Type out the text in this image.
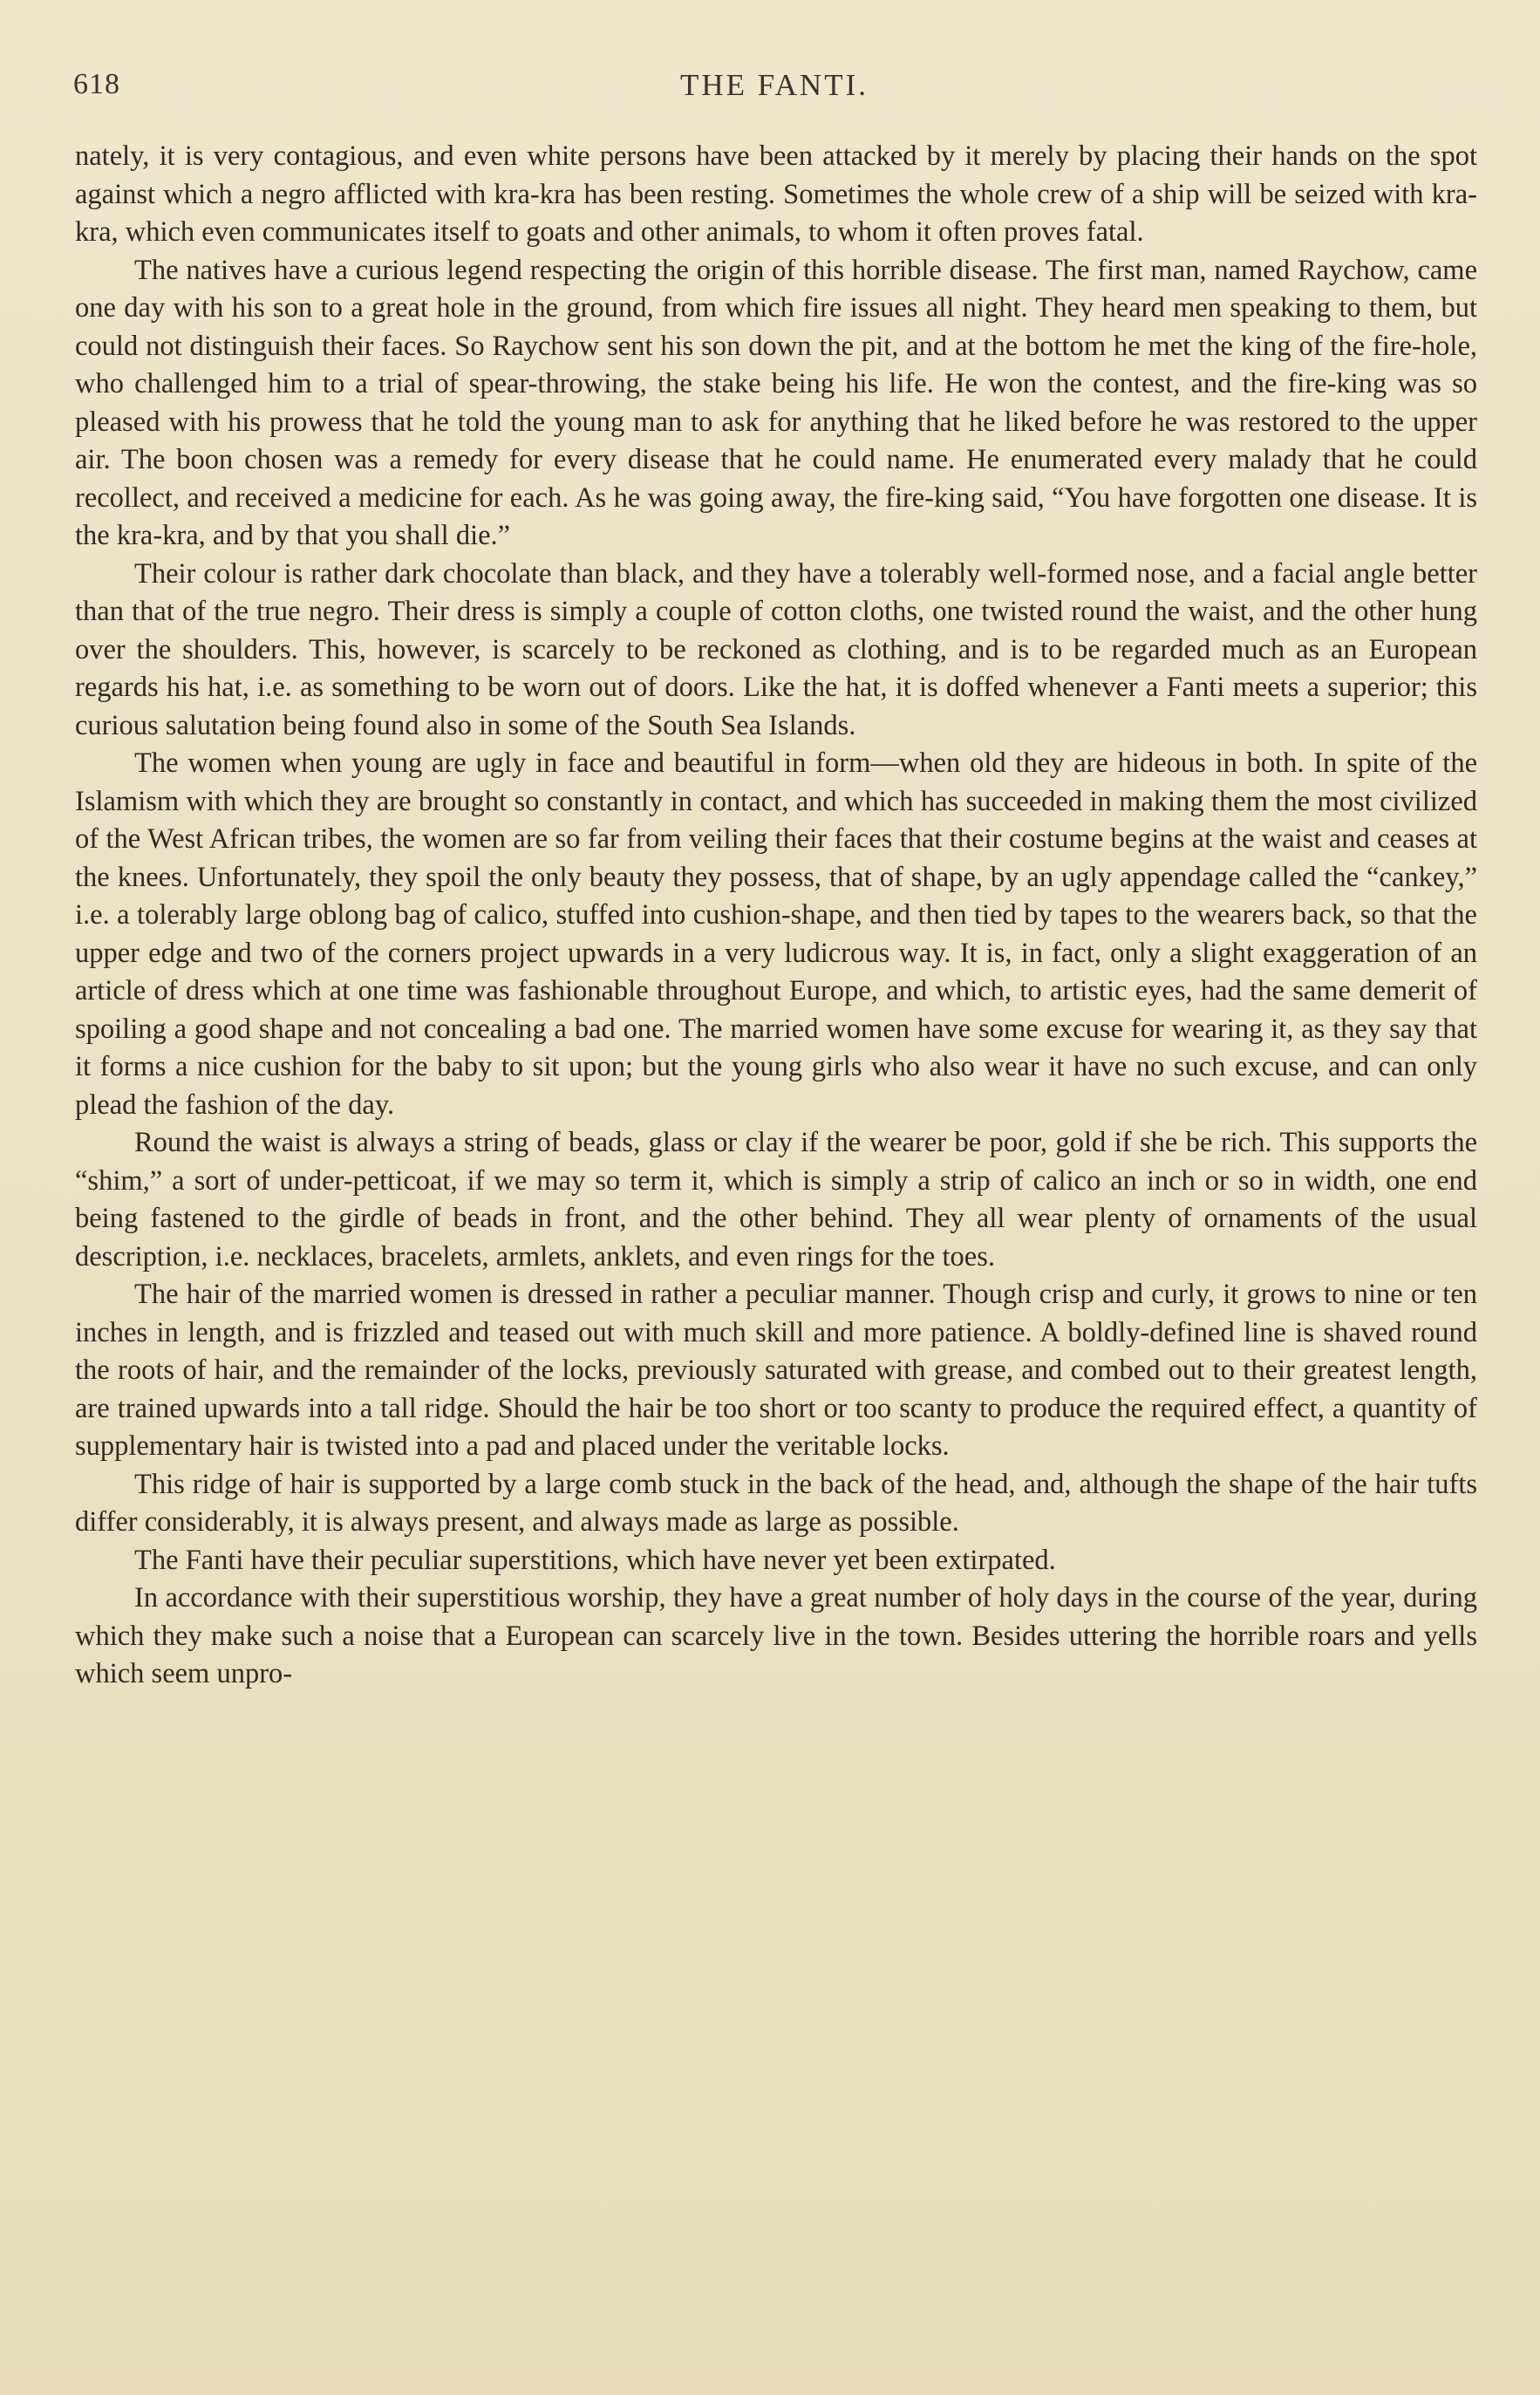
618	THE FANTI.

nately, it is very contagious, and even white persons have been attacked by it merely by placing their hands on the spot against which a negro afflicted with kra-kra has been resting. Sometimes the whole crew of a ship will be seized with kra-kra, which even communicates itself to goats and other animals, to whom it often proves fatal.

The natives have a curious legend respecting the origin of this horrible disease. The first man, named Raychow, came one day with his son to a great hole in the ground, from which fire issues all night. They heard men speaking to them, but could not distinguish their faces. So Raychow sent his son down the pit, and at the bottom he met the king of the fire-hole, who challenged him to a trial of spear-throwing, the stake being his life. He won the contest, and the fire-king was so pleased with his prowess that he told the young man to ask for anything that he liked before he was restored to the upper air. The boon chosen was a remedy for every disease that he could name. He enumerated every malady that he could recollect, and received a medicine for each. As he was going away, the fire-king said, “You have forgotten one disease. It is the kra-kra, and by that you shall die.”

Their colour is rather dark chocolate than black, and they have a tolerably well-formed nose, and a facial angle better than that of the true negro. Their dress is simply a couple of cotton cloths, one twisted round the waist, and the other hung over the shoulders. This, however, is scarcely to be reckoned as clothing, and is to be regarded much as an European regards his hat, i.e. as something to be worn out of doors. Like the hat, it is doffed whenever a Fanti meets a superior; this curious salutation being found also in some of the South Sea Islands.

The women when young are ugly in face and beautiful in form—when old they are hideous in both. In spite of the Islamism with which they are brought so constantly in contact, and which has succeeded in making them the most civilized of the West African tribes, the women are so far from veiling their faces that their costume begins at the waist and ceases at the knees. Unfortunately, they spoil the only beauty they possess, that of shape, by an ugly appendage called the “cankey,” i.e. a tolerably large oblong bag of calico, stuffed into cushion-shape, and then tied by tapes to the wearers back, so that the upper edge and two of the corners project upwards in a very ludicrous way. It is, in fact, only a slight exaggeration of an article of dress which at one time was fashionable throughout Europe, and which, to artistic eyes, had the same demerit of spoiling a good shape and not concealing a bad one. The married women have some excuse for wearing it, as they say that it forms a nice cushion for the baby to sit upon; but the young girls who also wear it have no such excuse, and can only plead the fashion of the day.

Round the waist is always a string of beads, glass or clay if the wearer be poor, gold if she be rich. This supports the “shim,” a sort of under-petticoat, if we may so term it, which is simply a strip of calico an inch or so in width, one end being fastened to the girdle of beads in front, and the other behind. They all wear plenty of ornaments of the usual description, i.e. necklaces, bracelets, armlets, anklets, and even rings for the toes.

The hair of the married women is dressed in rather a peculiar manner. Though crisp and curly, it grows to nine or ten inches in length, and is frizzled and teased out with much skill and more patience. A boldly-defined line is shaved round the roots of hair, and the remainder of the locks, previously saturated with grease, and combed out to their greatest length, are trained upwards into a tall ridge. Should the hair be too short or too scanty to produce the required effect, a quantity of supplementary hair is twisted into a pad and placed under the veritable locks.

This ridge of hair is supported by a large comb stuck in the back of the head, and, although the shape of the hair tufts differ considerably, it is always present, and always made as large as possible.

The Fanti have their peculiar superstitions, which have never yet been extirpated.

In accordance with their superstitious worship, they have a great number of holy days in the course of the year, during which they make such a noise that a European can scarcely live in the town. Besides uttering the horrible roars and yells which seem unpro-
